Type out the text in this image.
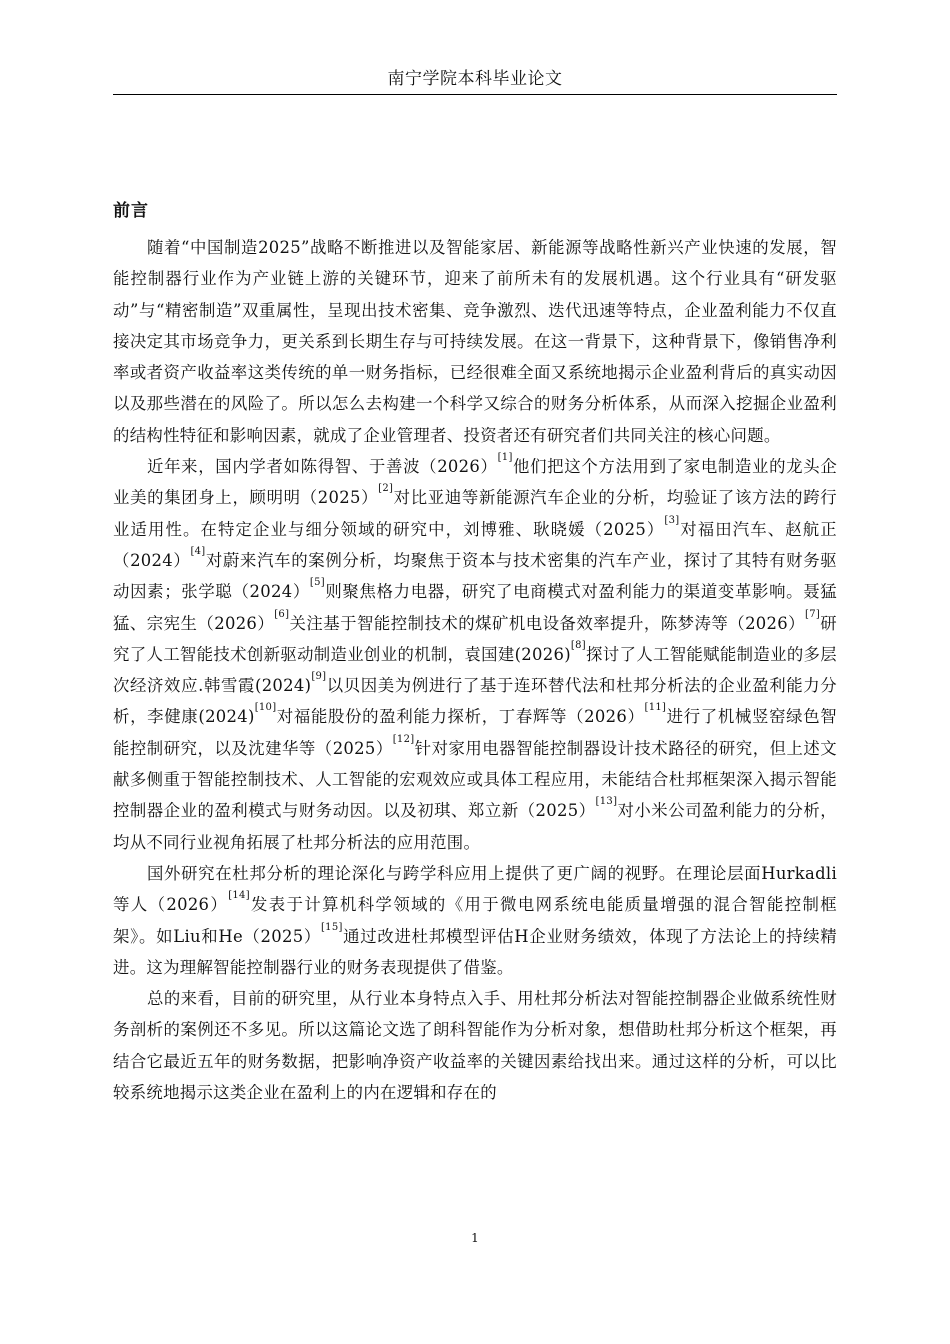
南宁学院本科毕业论文
前言

随着“中国制造2025”战略不断推进以及智能家居、新能源等战略性新兴产业快速的发展，智能控制器行业作为产业链上游的关键环节，迎来了前所未有的发展机遇。这个行业具有“研发驱动”与“精密制造”双重属性，呈现出技术密集、竞争激烈、迭代迅速等特点，企业盈利能力不仅直接决定其市场竞争力，更关系到长期生存与可持续发展。在这一背景下，这种背景下，像销售净利率或者资产收益率这类传统的单一财务指标，已经很难全面又系统地揭示企业盈利背后的真实动因以及那些潜在的风险了。所以怎么去构建一个科学又综合的财务分析体系，从而深入挖掘企业盈利的结构性特征和影响因素，就成了企业管理者、投资者还有研究者们共同关注的核心问题。

近年来，国内学者如陈得智、于善波（2026）[1]他们把这个方法用到了家电制造业的龙头企业美的集团身上，顾明明（2025）[2]对比亚迪等新能源汽车企业的分析，均验证了该方法的跨行业适用性。在特定企业与细分领域的研究中，刘博雅、耿晓媛（2025）[3]对福田汽车、赵航正（2024）[4]对蔚来汽车的案例分析，均聚焦于资本与技术密集的汽车产业，探讨了其特有财务驱动因素；张学聪（2024）[5]则聚焦格力电器，研究了电商模式对盈利能力的渠道变革影响。聂猛猛、宗宪生（2026）[6]关注基于智能控制技术的煤矿机电设备效率提升，陈梦涛等（2026）[7]研究了人工智能技术创新驱动制造业创业的机制，袁国建(2026)[8]探讨了人工智能赋能制造业的多层次经济效应.韩雪霞(2024)[9]以贝因美为例进行了基于连环替代法和杜邦分析法的企业盈利能力分析，李健康(2024)[10]对福能股份的盈利能力探析，丁春辉等（2026）[11]进行了机械竖窑绿色智能控制研究，以及沈建华等（2025）[12]针对家用电器智能控制器设计技术路径的研究，但上述文献多侧重于智能控制技术、人工智能的宏观效应或具体工程应用，未能结合杜邦框架深入揭示智能控制器企业的盈利模式与财务动因。以及初琪、郑立新（2025）[13]对小米公司盈利能力的分析，均从不同行业视角拓展了杜邦分析法的应用范围。

国外研究在杜邦分析的理论深化与跨学科应用上提供了更广阔的视野。在理论层面Hurkadli等人（2026）[14]发表于计算机科学领域的《用于微电网系统电能质量增强的混合智能控制框架》。如Liu和He（2025）[15]通过改进杜邦模型评估H企业财务绩效，体现了方法论上的持续精进。这为理解智能控制器行业的财务表现提供了借鉴。

总的来看，目前的研究里，从行业本身特点入手、用杜邦分析法对智能控制器企业做系统性财务剖析的案例还不多见。所以这篇论文选了朗科智能作为分析对象，想借助杜邦分析这个框架，再结合它最近五年的财务数据，把影响净资产收益率的关键因素给找出来。通过这样的分析，可以比较系统地揭示这类企业在盈利上的内在逻辑和存在的

1
